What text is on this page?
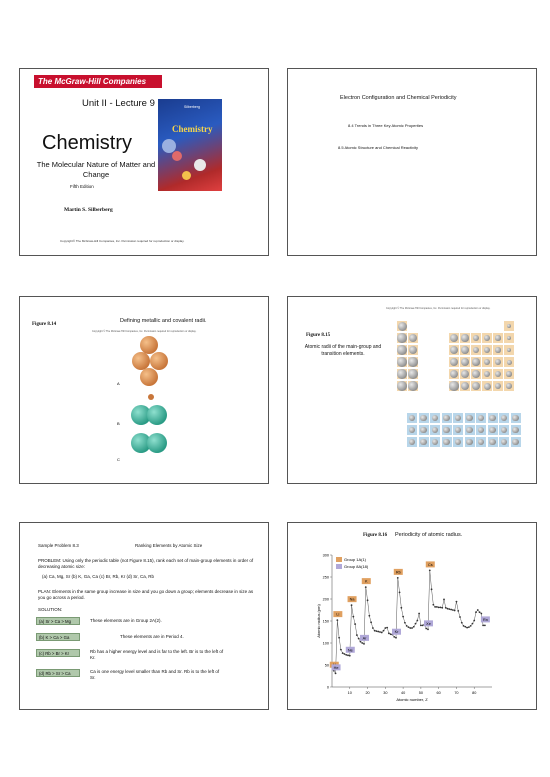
The McGraw-Hill Companies
Unit II - Lecture 9
Chemistry
The Molecular Nature of Matter and Change
Fifth Edition
Martin S. Silberberg
Copyright© The McGraw-Hill Companies, Inc. Permission required for reproduction or display.
Silberberg
Chemistry
Electron Configuration and Chemical Periodicity
8.4 Trends in Three Key Atomic Properties
8.5 Atomic Structure and Chemical Reactivity
Figure 8.14
Defining metallic and covalent radii.
Copyright © The McGraw-Hill Companies, Inc. Permission required for reproduction or display.
A
B
C
Copyright © The McGraw-Hill Companies, Inc. Permission required for reproduction or display.
Figure 8.15
Atomic radii of the main-group and transition elements.
Sample Problem 8.3	Ranking Elements by Atomic Size
PROBLEM: Using only the periodic table (not Figure 8.15), rank each set of main-group elements in order of decreasing atomic size:
(a) Ca, Mg, Sr (b) K, Ga, Ca (c) Br, Rb, Kr (d) Sr, Ca, Rb
PLAN: Elements in the same group increase in size and you go down a group; elements decrease in size as you go across a period.
SOLUTION:
(a) Sr > Ca > Mg	These elements are in Group 2A(2).
(b) K > Ca > Ga	These elements are in Period 4.
(c) Rb > Br > Kr	Rb has a higher energy level and is far to the left. Br is to the left of Kr.
(d) Rb > Sr > Ca	Ca is one energy level smaller than Rb and Sr. Rb is to the left of Sr.
Figure 8.16 Periodicity of atomic radius.
0
50
100
150
200
250
300
10	20	30	40	50	60	70	80
Atomic number, Z
Atomic radius (pm)
He
Li
Ne
Na
Ar
K
Kr
Rb
Xe
Cs
Rn
Group 1A(1)
Group 8A(18)
